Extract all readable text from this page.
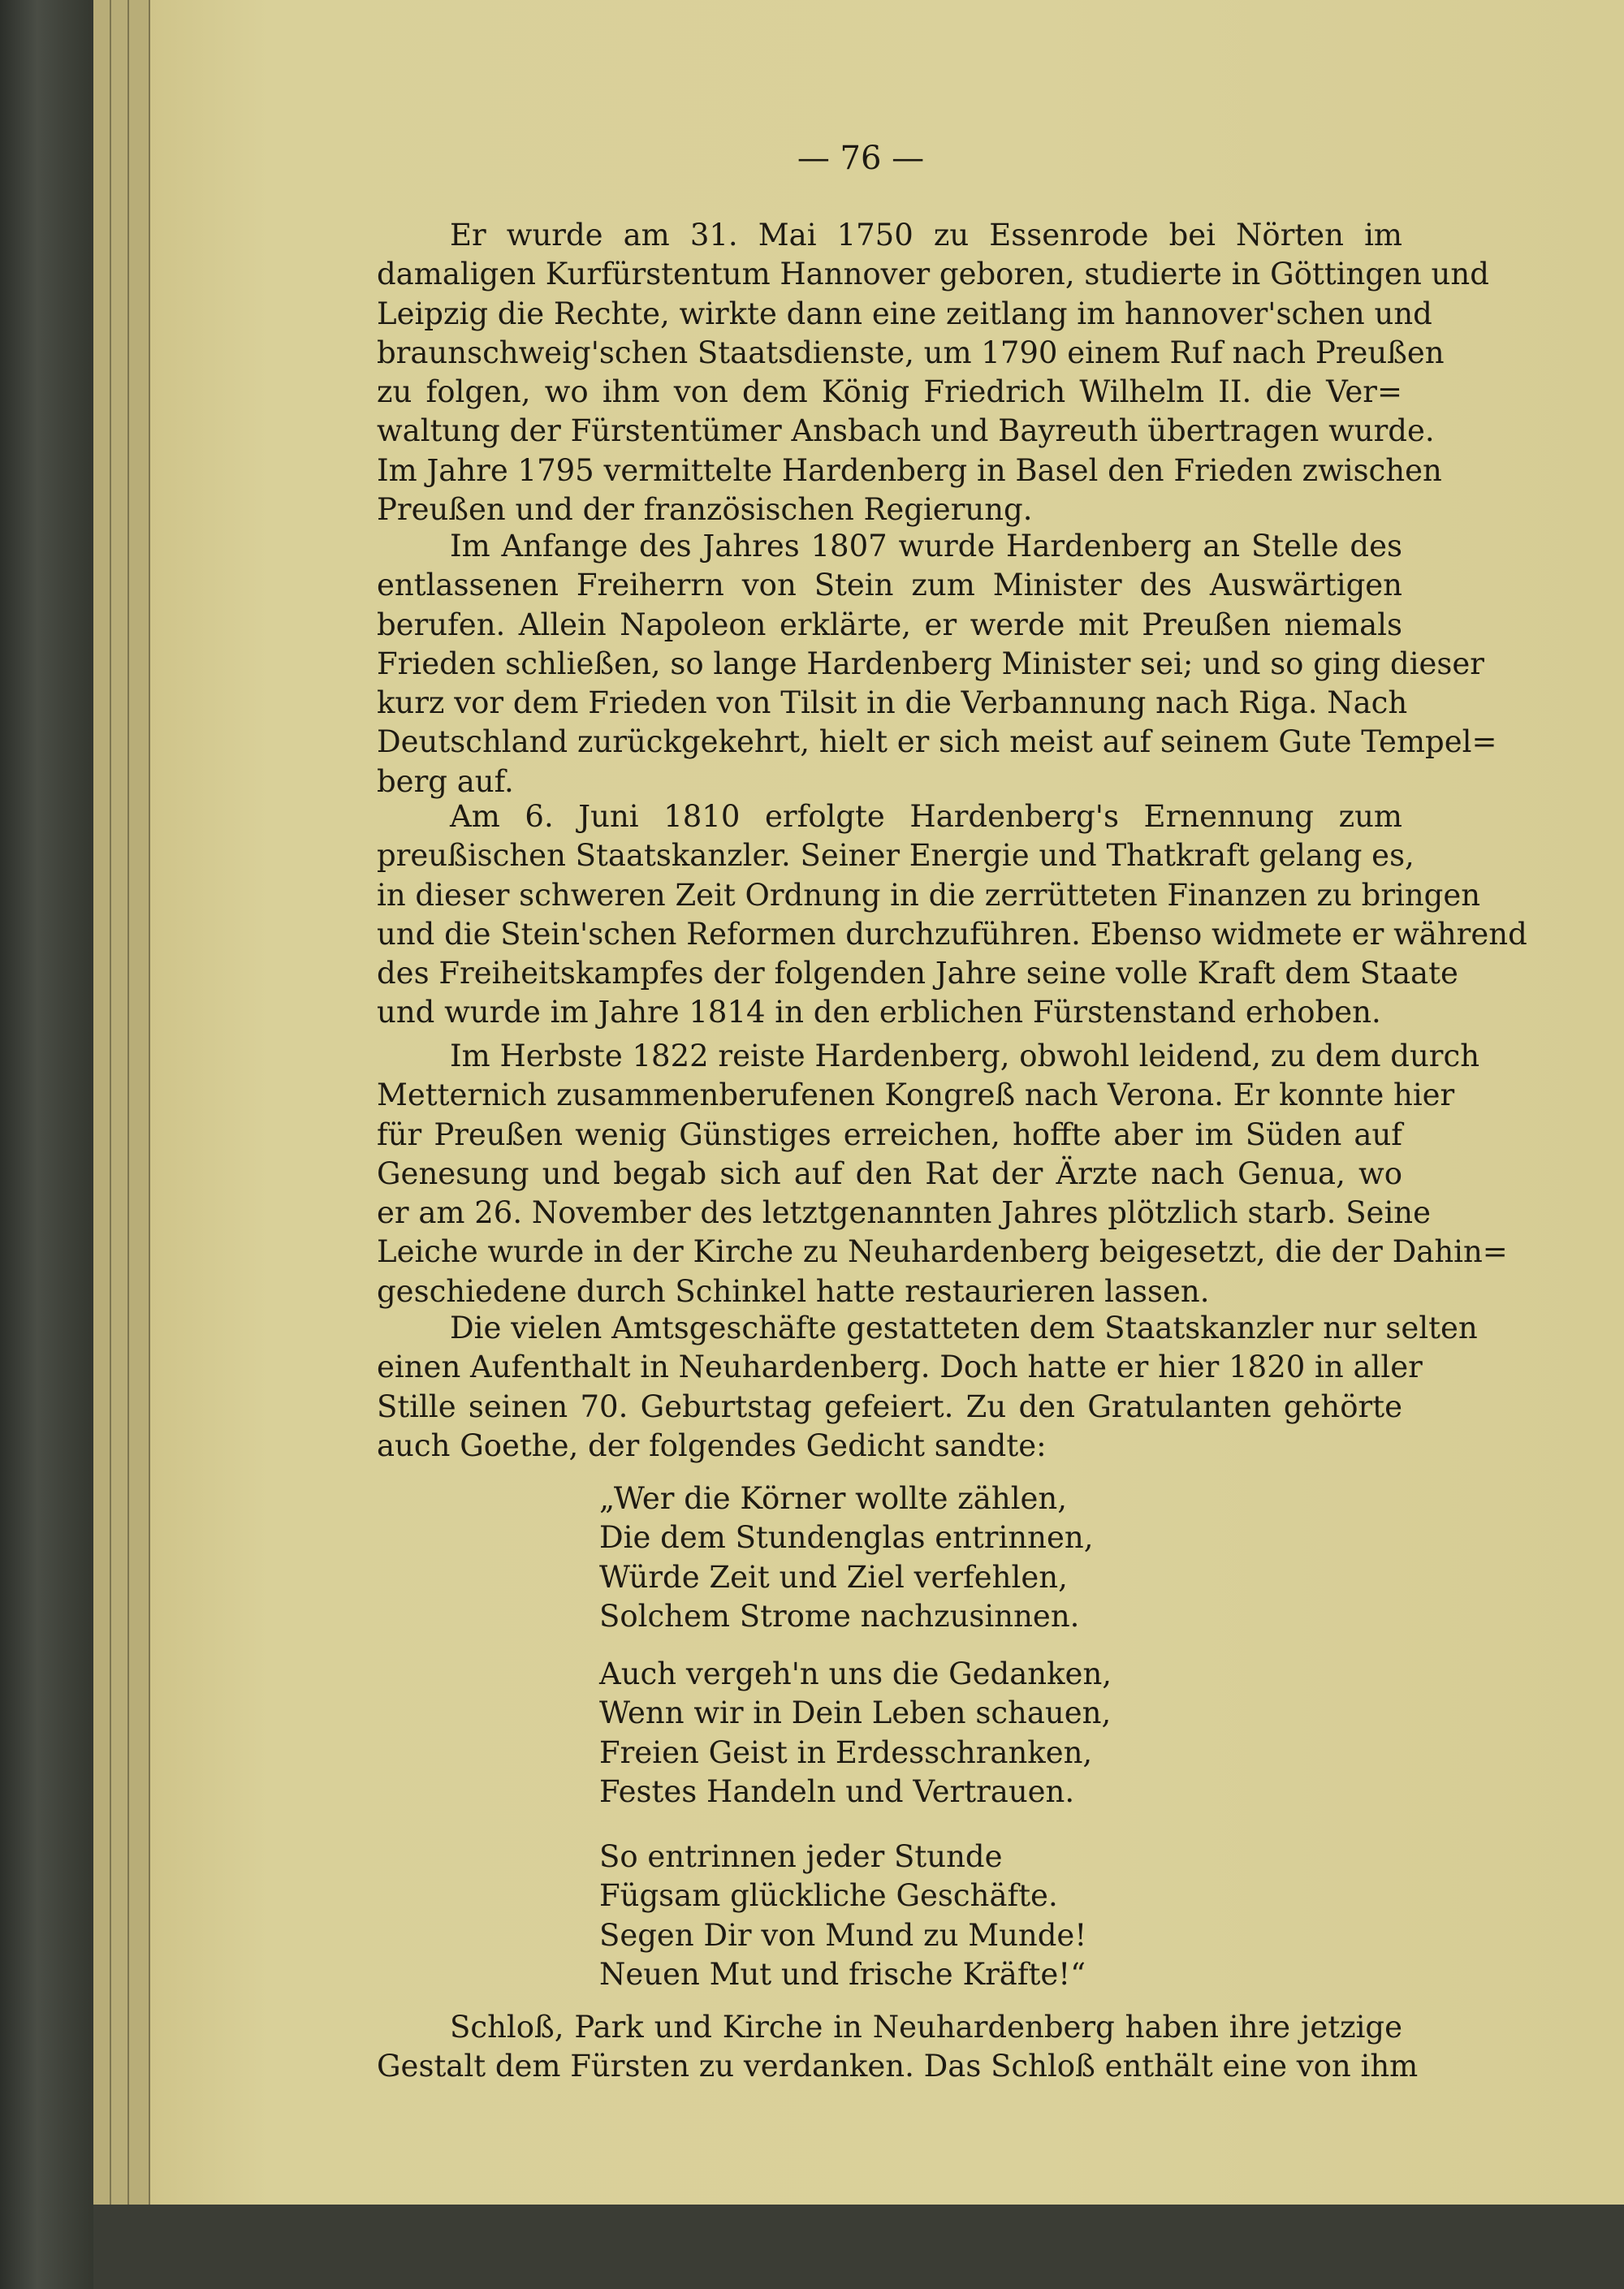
— 76 —
Er wurde am 31. Mai 1750 zu Essenrode bei Nörten im
damaligen Kurfürstentum Hannover geboren, studierte in Göttingen und
Leipzig die Rechte, wirkte dann eine zeitlang im hannover'schen und
braunschweig'schen Staatsdienste, um 1790 einem Ruf nach Preußen
zu folgen, wo ihm von dem König Friedrich Wilhelm II. die Ver=
waltung der Fürstentümer Ansbach und Bayreuth übertragen wurde.
Im Jahre 1795 vermittelte Hardenberg in Basel den Frieden zwischen
Preußen und der französischen Regierung.
Im Anfange des Jahres 1807 wurde Hardenberg an Stelle des
entlassenen Freiherrn von Stein zum Minister des Auswärtigen
berufen. Allein Napoleon erklärte, er werde mit Preußen niemals
Frieden schließen, so lange Hardenberg Minister sei; und so ging dieser
kurz vor dem Frieden von Tilsit in die Verbannung nach Riga. Nach
Deutschland zurückgekehrt, hielt er sich meist auf seinem Gute Tempel=
berg auf.
Am 6. Juni 1810 erfolgte Hardenberg's Ernennung zum
preußischen Staatskanzler. Seiner Energie und Thatkraft gelang es,
in dieser schweren Zeit Ordnung in die zerrütteten Finanzen zu bringen
und die Stein'schen Reformen durchzuführen. Ebenso widmete er während
des Freiheitskampfes der folgenden Jahre seine volle Kraft dem Staate
und wurde im Jahre 1814 in den erblichen Fürstenstand erhoben.
Im Herbste 1822 reiste Hardenberg, obwohl leidend, zu dem durch
Metternich zusammenberufenen Kongreß nach Verona. Er konnte hier
für Preußen wenig Günstiges erreichen, hoffte aber im Süden auf
Genesung und begab sich auf den Rat der Ärzte nach Genua, wo
er am 26. November des letztgenannten Jahres plötzlich starb. Seine
Leiche wurde in der Kirche zu Neuhardenberg beigesetzt, die der Dahin=
geschiedene durch Schinkel hatte restaurieren lassen.
Die vielen Amtsgeschäfte gestatteten dem Staatskanzler nur selten
einen Aufenthalt in Neuhardenberg. Doch hatte er hier 1820 in aller
Stille seinen 70. Geburtstag gefeiert. Zu den Gratulanten gehörte
auch Goethe, der folgendes Gedicht sandte:
„Wer die Körner wollte zählen,
Die dem Stundenglas entrinnen,
Würde Zeit und Ziel verfehlen,
Solchem Strome nachzusinnen.
Auch vergeh'n uns die Gedanken,
Wenn wir in Dein Leben schauen,
Freien Geist in Erdesschranken,
Festes Handeln und Vertrauen.
So entrinnen jeder Stunde
Fügsam glückliche Geschäfte.
Segen Dir von Mund zu Munde!
Neuen Mut und frische Kräfte!“
Schloß, Park und Kirche in Neuhardenberg haben ihre jetzige
Gestalt dem Fürsten zu verdanken. Das Schloß enthält eine von ihm
